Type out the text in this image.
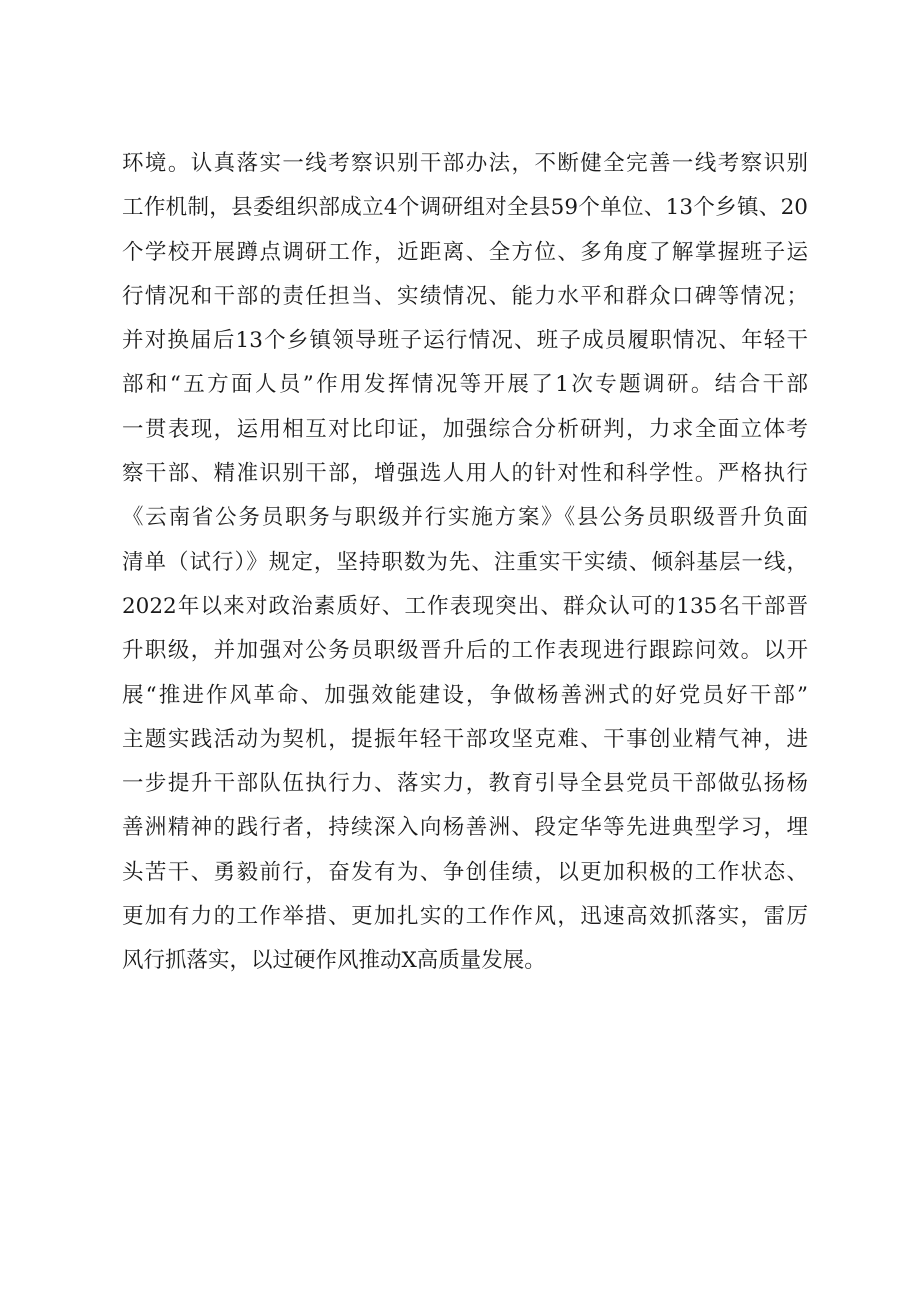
环境。认真落实一线考察识别干部办法，不断健全完善一线考察识别
工作机制，县委组织部成立4个调研组对全县59个单位、13个乡镇、20
个学校开展蹲点调研工作，近距离、全方位、多角度了解掌握班子运
行情况和干部的责任担当、实绩情况、能力水平和群众口碑等情况；
并对换届后13个乡镇领导班子运行情况、班子成员履职情况、年轻干
部和“五方面人员”作用发挥情况等开展了1次专题调研。结合干部
一贯表现，运用相互对比印证，加强综合分析研判，力求全面立体考
察干部、精准识别干部，增强选人用人的针对性和科学性。严格执行
《云南省公务员职务与职级并行实施方案》《县公务员职级晋升负面
清单（试行）》规定，坚持职数为先、注重实干实绩、倾斜基层一线，
2022年以来对政治素质好、工作表现突出、群众认可的135名干部晋
升职级，并加强对公务员职级晋升后的工作表现进行跟踪问效。以开
展“推进作风革命、加强效能建设，争做杨善洲式的好党员好干部”
主题实践活动为契机，提振年轻干部攻坚克难、干事创业精气神，进
一步提升干部队伍执行力、落实力，教育引导全县党员干部做弘扬杨
善洲精神的践行者，持续深入向杨善洲、段定华等先进典型学习，埋
头苦干、勇毅前行，奋发有为、争创佳绩，以更加积极的工作状态、
更加有力的工作举措、更加扎实的工作作风，迅速高效抓落实，雷厉
风行抓落实，以过硬作风推动X高质量发展。
